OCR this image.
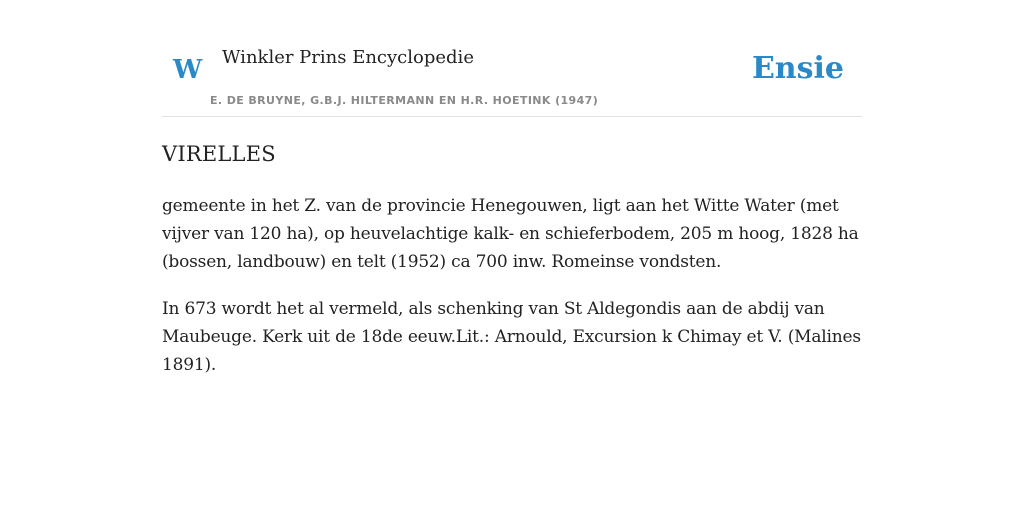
W Winkler Prins Encyclopedie
E. DE BRUYNE, G.B.J. HILTERMANN EN H.R. HOETINK (1947)
Ensie
VIRELLES

gemeente in het Z. van de provincie Henegouwen, ligt aan het Witte Water (met vijver van 120 ha), op heuvelachtige kalk- en schieferbodem, 205 m hoog, 1828 ha (bossen, landbouw) en telt (1952) ca 700 inw. Romeinse vondsten.

In 673 wordt het al vermeld, als schenking van St Aldegondis aan de abdij van Maubeuge. Kerk uit de 18de eeuw.Lit.: Arnould, Excursion k Chimay et V. (Malines 1891).
